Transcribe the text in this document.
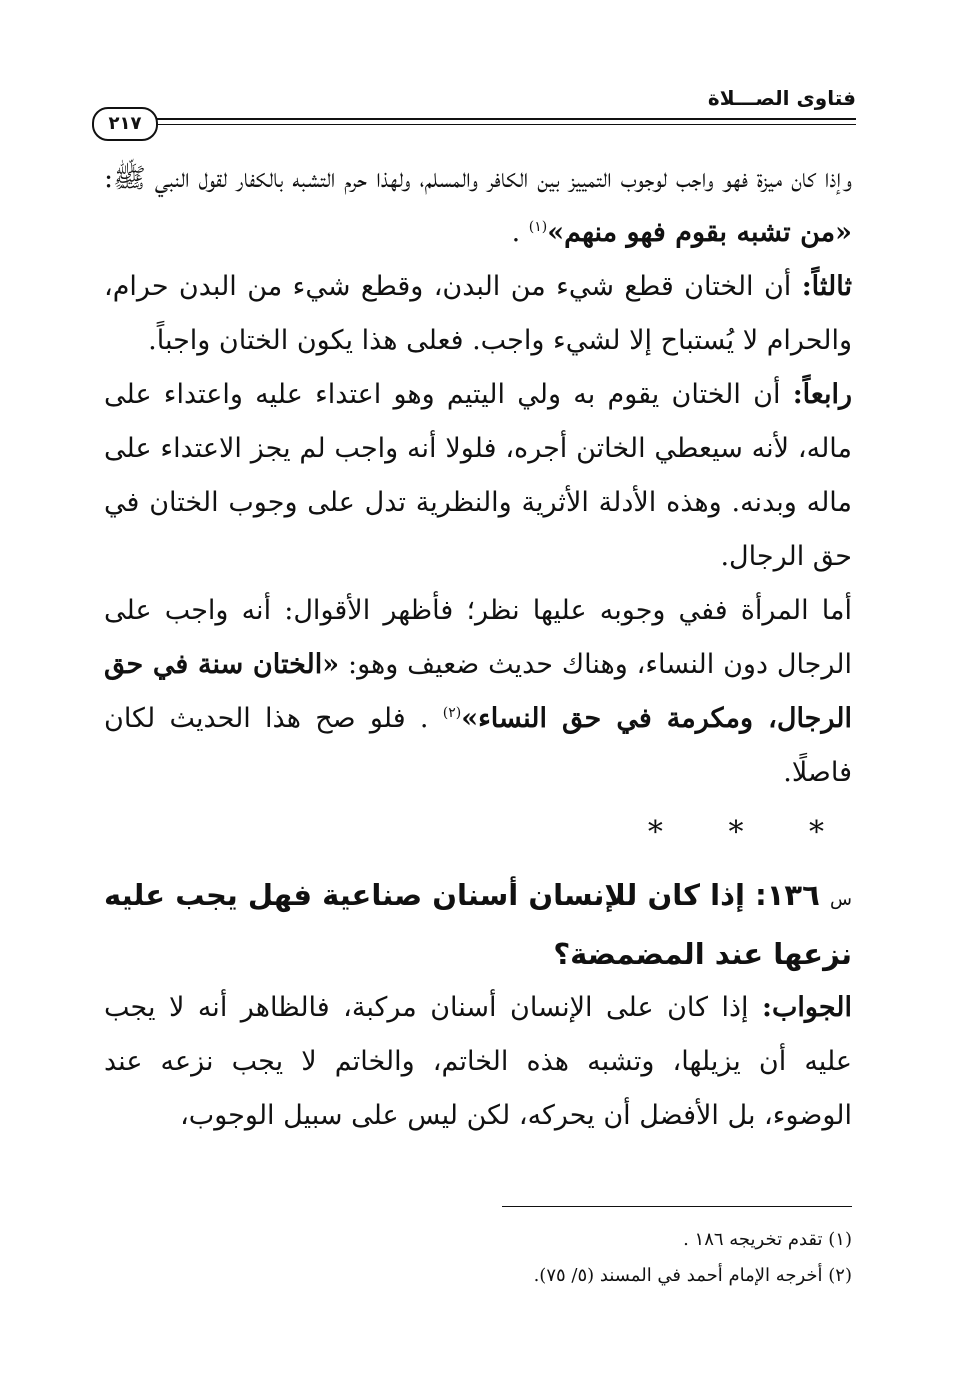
فتاوى الصـــلاة
٢١٧

وإذا كان ميزة فهو واجب لوجوب التمييز بين الكافر والمسلم، ولهذا حرم التشبه بالكفار لقول النبي ﷺ: «من تشبه بقوم فهو منهم»$^{(١)}$ .

ثالثاً: أن الختان قطع شيء من البدن، وقطع شيء من البدن حرام، والحرام لا يُستباح إلا لشيء واجب. فعلى هذا يكون الختان واجباً.

رابعاً: أن الختان يقوم به ولي اليتيم وهو اعتداء عليه واعتداء على ماله، لأنه سيعطي الخاتن أجره، فلولا أنه واجب لم يجز الاعتداء على ماله وبدنه. وهذه الأدلة الأثرية والنظرية تدل على وجوب الختان في حق الرجال.

أما المرأة ففي وجوبه عليها نظر؛ فأظهر الأقوال: أنه واجب على الرجال دون النساء، وهناك حديث ضعيف وهو: «الختان سنة في حق الرجال، ومكرمة في حق النساء»$^{(٢)}$ . فلو صح هذا الحديث لكان فاصلًا.

* * *

س ١٣٦: إذا كان للإنسان أسنان صناعية فهل يجب عليه نزعها عند المضمضة؟

الجواب: إذا كان على الإنسان أسنان مركبة، فالظاهر أنه لا يجب عليه أن يزيلها، وتشبه هذه الخاتم، والخاتم لا يجب نزعه عند الوضوء، بل الأفضل أن يحركه، لكن ليس على سبيل الوجوب،

(١) تقدم تخريجه ١٨٦ .
(٢) أخرجه الإمام أحمد في المسند (٥/ ٧٥).
